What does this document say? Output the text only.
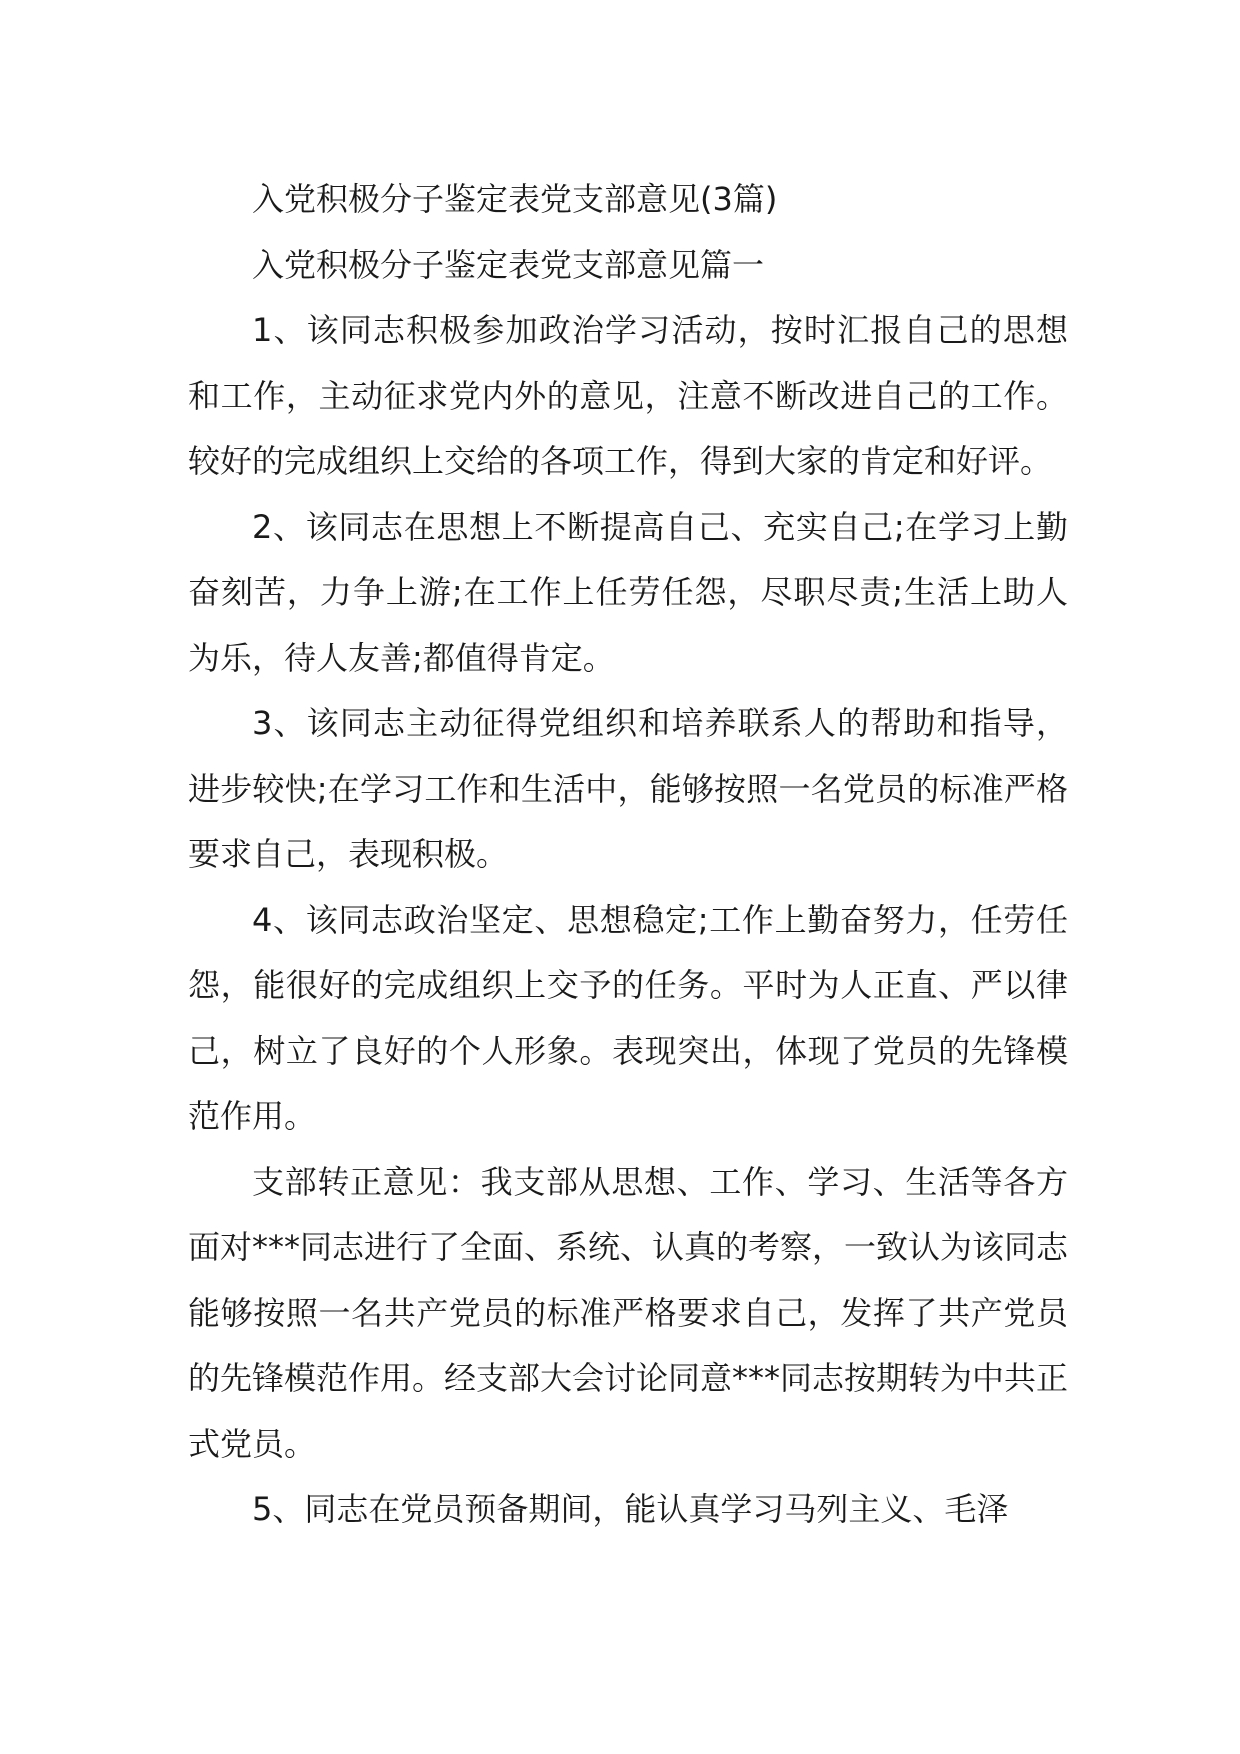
入党积极分子鉴定表党支部意见(3篇)

入党积极分子鉴定表党支部意见篇一

1、该同志积极参加政治学习活动，按时汇报自己的思想和工作，主动征求党内外的意见，注意不断改进自己的工作。较好的完成组织上交给的各项工作，得到大家的肯定和好评。

2、该同志在思想上不断提高自己、充实自己;在学习上勤奋刻苦，力争上游;在工作上任劳任怨，尽职尽责;生活上助人为乐，待人友善;都值得肯定。

3、该同志主动征得党组织和培养联系人的帮助和指导，进步较快;在学习工作和生活中，能够按照一名党员的标准严格要求自己，表现积极。

4、该同志政治坚定、思想稳定;工作上勤奋努力，任劳任怨，能很好的完成组织上交予的任务。平时为人正直、严以律己，树立了良好的个人形象。表现突出，体现了党员的先锋模范作用。

支部转正意见：我支部从思想、工作、学习、生活等各方面对***同志进行了全面、系统、认真的考察，一致认为该同志能够按照一名共产党员的标准严格要求自己，发挥了共产党员的先锋模范作用。经支部大会讨论同意***同志按期转为中共正式党员。

5、同志在党员预备期间，能认真学习马列主义、毛泽
